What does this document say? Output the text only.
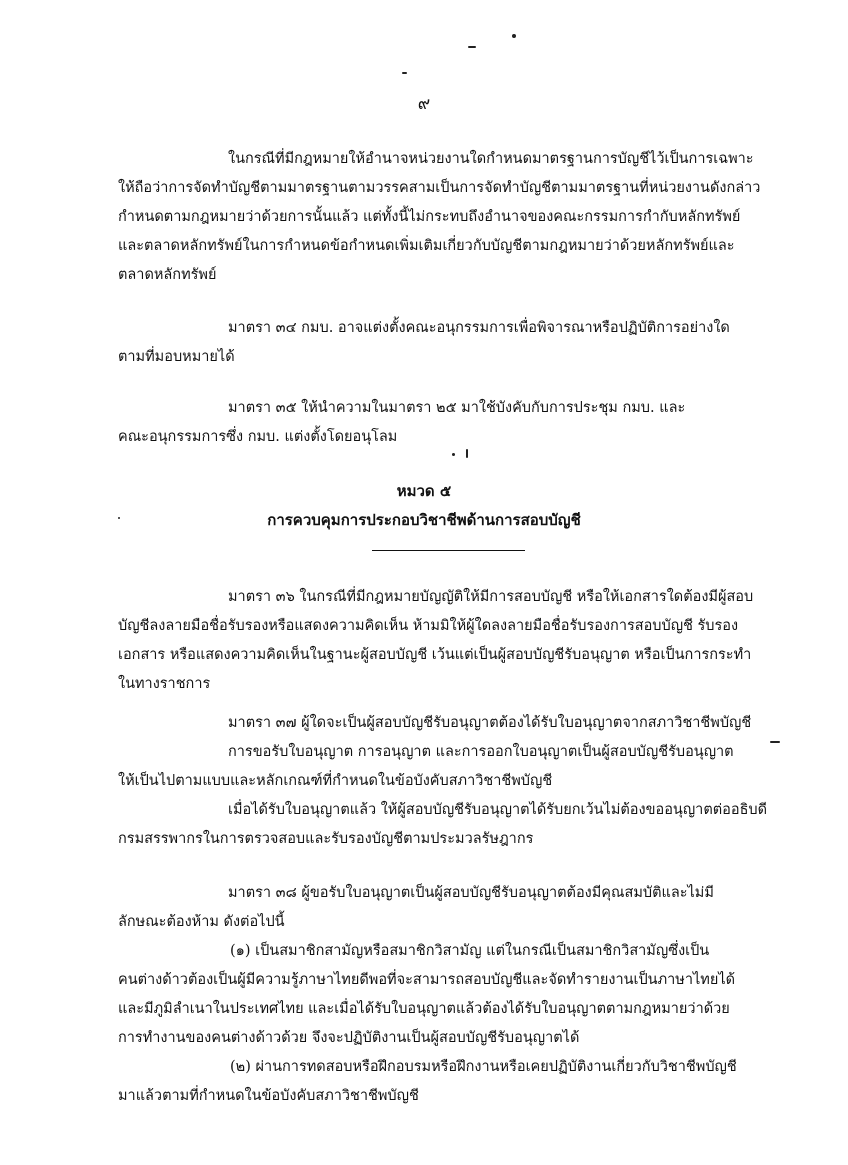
๙
ในกรณีที่มีกฎหมายให้อำนาจหน่วยงานใดกำหนดมาตรฐานการบัญชีไว้เป็นการเฉพาะ
ให้ถือว่าการจัดทำบัญชีตามมาตรฐานตามวรรคสามเป็นการจัดทำบัญชีตามมาตรฐานที่หน่วยงานดังกล่าว
กำหนดตามกฎหมายว่าด้วยการนั้นแล้ว แต่ทั้งนี้ไม่กระทบถึงอำนาจของคณะกรรมการกำกับหลักทรัพย์
และตลาดหลักทรัพย์ในการกำหนดข้อกำหนดเพิ่มเติมเกี่ยวกับบัญชีตามกฎหมายว่าด้วยหลักทรัพย์และ
ตลาดหลักทรัพย์
มาตรา ๓๔ กมบ. อาจแต่งตั้งคณะอนุกรรมการเพื่อพิจารณาหรือปฏิบัติการอย่างใด
ตามที่มอบหมายได้
มาตรา ๓๕ ให้นำความในมาตรา ๒๕ มาใช้บังคับกับการประชุม กมบ. และ
คณะอนุกรรมการซึ่ง กมบ. แต่งตั้งโดยอนุโลม
หมวด ๕
การควบคุมการประกอบวิชาชีพด้านการสอบบัญชี
มาตรา ๓๖ ในกรณีที่มีกฎหมายบัญญัติให้มีการสอบบัญชี หรือให้เอกสารใดต้องมีผู้สอบ
บัญชีลงลายมือชื่อรับรองหรือแสดงความคิดเห็น ห้ามมิให้ผู้ใดลงลายมือชื่อรับรองการสอบบัญชี รับรอง
เอกสาร หรือแสดงความคิดเห็นในฐานะผู้สอบบัญชี เว้นแต่เป็นผู้สอบบัญชีรับอนุญาต หรือเป็นการกระทำ
ในทางราชการ
มาตรา ๓๗ ผู้ใดจะเป็นผู้สอบบัญชีรับอนุญาตต้องได้รับใบอนุญาตจากสภาวิชาชีพบัญชี
การขอรับใบอนุญาต การอนุญาต และการออกใบอนุญาตเป็นผู้สอบบัญชีรับอนุญาต
ให้เป็นไปตามแบบและหลักเกณฑ์ที่กำหนดในข้อบังคับสภาวิชาชีพบัญชี
เมื่อได้รับใบอนุญาตแล้ว ให้ผู้สอบบัญชีรับอนุญาตได้รับยกเว้นไม่ต้องขออนุญาตต่ออธิบดี
กรมสรรพากรในการตรวจสอบและรับรองบัญชีตามประมวลรัษฎากร
มาตรา ๓๘ ผู้ขอรับใบอนุญาตเป็นผู้สอบบัญชีรับอนุญาตต้องมีคุณสมบัติและไม่มี
ลักษณะต้องห้าม ดังต่อไปนี้
(๑) เป็นสมาชิกสามัญหรือสมาชิกวิสามัญ แต่ในกรณีเป็นสมาชิกวิสามัญซึ่งเป็น
คนต่างด้าวต้องเป็นผู้มีความรู้ภาษาไทยดีพอที่จะสามารถสอบบัญชีและจัดทำรายงานเป็นภาษาไทยได้
และมีภูมิลำเนาในประเทศไทย และเมื่อได้รับใบอนุญาตแล้วต้องได้รับใบอนุญาตตามกฎหมายว่าด้วย
การทำงานของคนต่างด้าวด้วย จึงจะปฏิบัติงานเป็นผู้สอบบัญชีรับอนุญาตได้
(๒) ผ่านการทดสอบหรือฝึกอบรมหรือฝึกงานหรือเคยปฏิบัติงานเกี่ยวกับวิชาชีพบัญชี
มาแล้วตามที่กำหนดในข้อบังคับสภาวิชาชีพบัญชี
